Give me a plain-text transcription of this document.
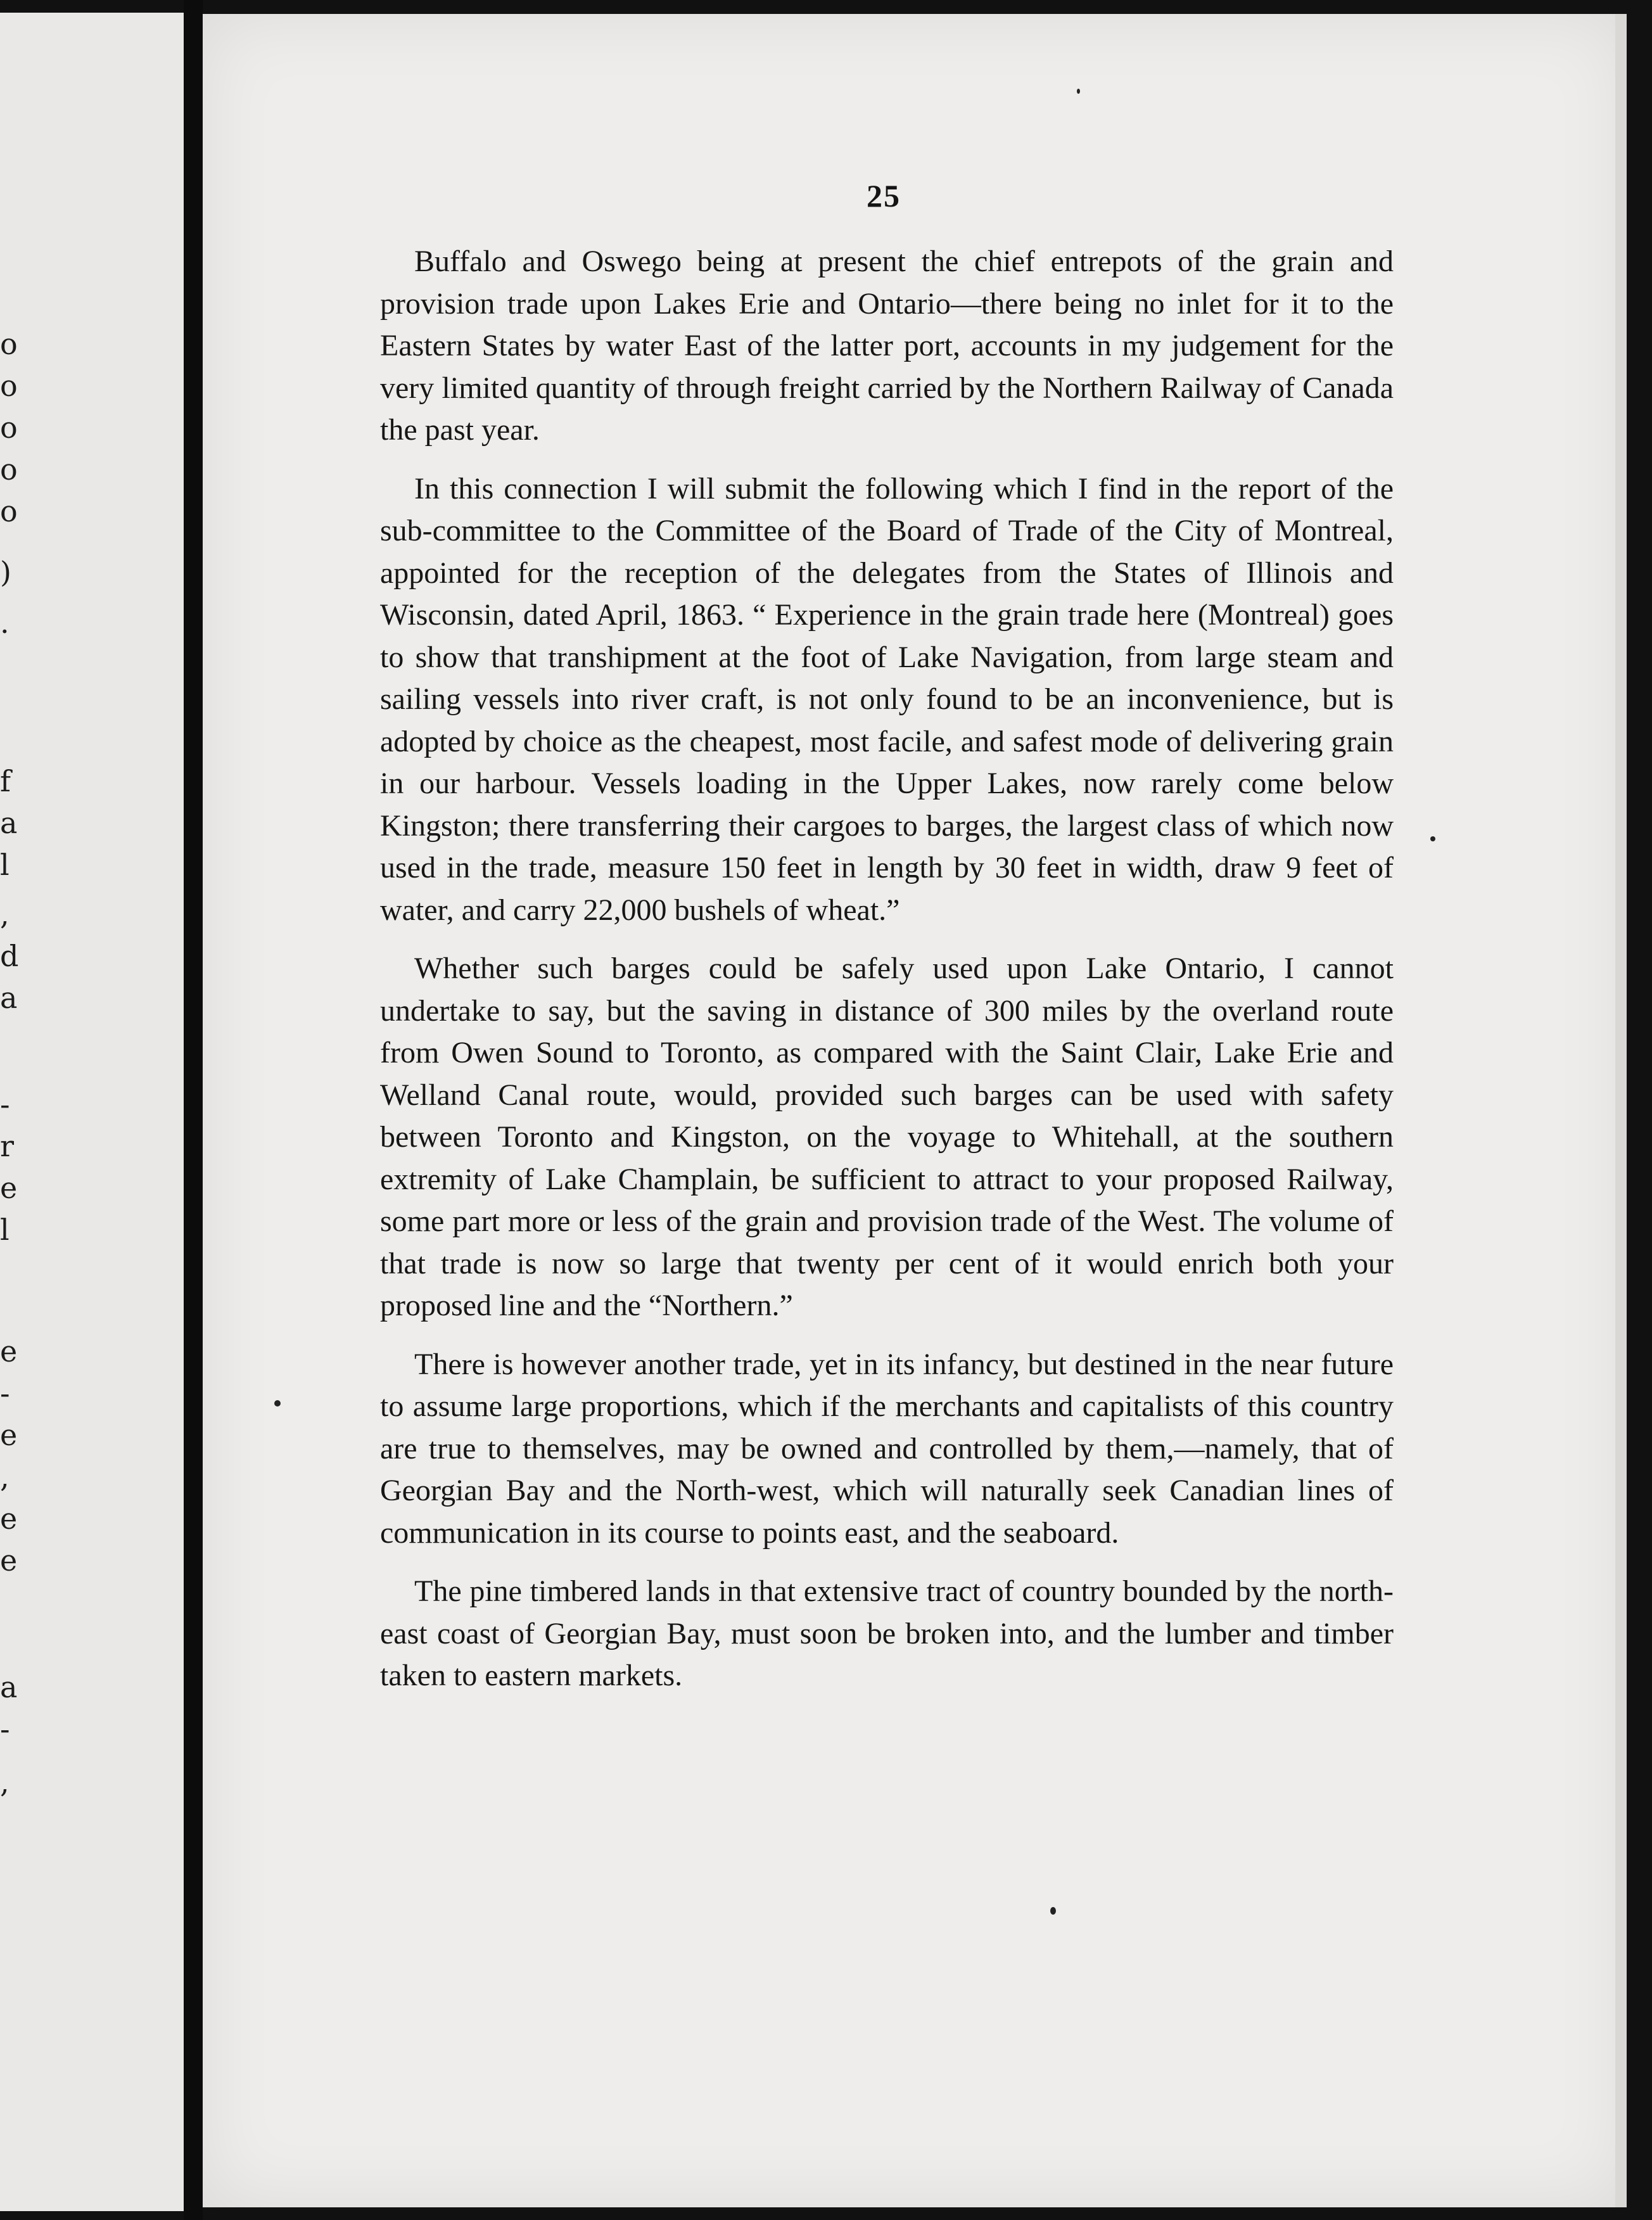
o
o
o
o
o
)
.
f
a
l
,
d
a
-
r
e
l
e
-
e
,
e
e
a
-
,
25

Buffalo and Oswego being at present the chief entrepots of the grain and provision trade upon Lakes Erie and Ontario—there being no inlet for it to the Eastern States by water East of the latter port, accounts in my judgement for the very limited quantity of through freight carried by the Northern Railway of Canada the past year.

In this connection I will submit the following which I find in the report of the sub-committee to the Committee of the Board of Trade of the City of Montreal, appointed for the reception of the delegates from the States of Illinois and Wisconsin, dated April, 1863. “ Experience in the grain trade here (Montreal) goes to show that transhipment at the foot of Lake Navigation, from large steam and sailing vessels into river craft, is not only found to be an inconvenience, but is adopted by choice as the cheapest, most facile, and safest mode of delivering grain in our harbour. Vessels loading in the Upper Lakes, now rarely come below Kingston; there transferring their cargoes to barges, the largest class of which now used in the trade, measure 150 feet in length by 30 feet in width, draw 9 feet of water, and carry 22,000 bushels of wheat.”

Whether such barges could be safely used upon Lake Ontario, I cannot undertake to say, but the saving in distance of 300 miles by the overland route from Owen Sound to Toronto, as compared with the Saint Clair, Lake Erie and Welland Canal route, would, provided such barges can be used with safety between Toronto and Kingston, on the voyage to Whitehall, at the southern extremity of Lake Champlain, be sufficient to attract to your proposed Railway, some part more or less of the grain and provision trade of the West. The volume of that trade is now so large that twenty per cent of it would enrich both your proposed line and the “Northern.”

There is however another trade, yet in its infancy, but destined in the near future to assume large proportions, which if the merchants and capitalists of this country are true to themselves, may be owned and controlled by them,—namely, that of Georgian Bay and the North-west, which will naturally seek Canadian lines of communication in its course to points east, and the seaboard.

The pine timbered lands in that extensive tract of country bounded by the north-east coast of Georgian Bay, must soon be broken into, and the lumber and timber taken to eastern markets.
